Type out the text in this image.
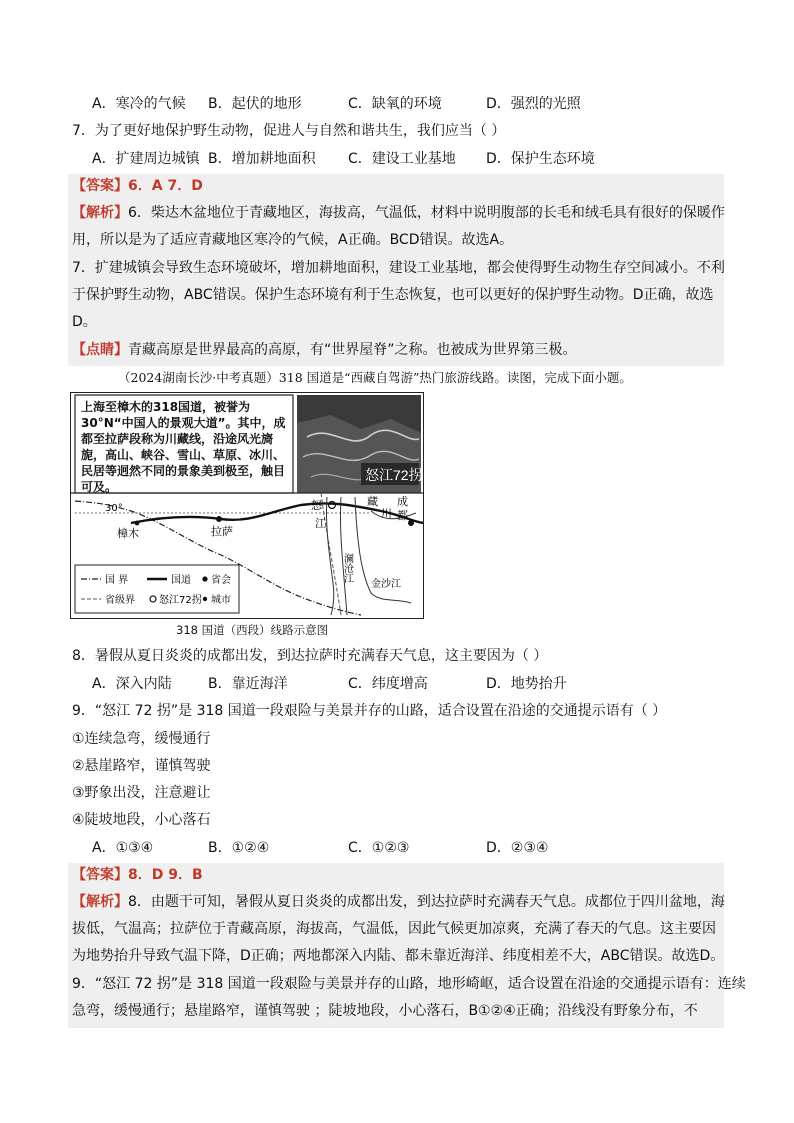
A．寒冷的气候 B．起伏的地形	C．缺氧的环境	D．强烈的光照
7．为了更好地保护野生动物，促进人与自然和谐共生，我们应当（ ）
A．扩建周边城镇 B．增加耕地面积 C．建设工业基地 D．保护生态环境
【答案】6．A 7．D
【解析】6．柴达木盆地位于青藏地区，海拔高，气温低，材料中说明腹部的长毛和绒毛具有很好的保暖作
用，所以是为了适应青藏地区寒冷的气候，A正确。BCD错误。故选A。
7．扩建城镇会导致生态环境破坏，增加耕地面积，建设工业基地，都会使得野生动物生存空间减小。不利
于保护野生动物，ABC错误。保护生态环境有利于生态恢复，也可以更好的保护野生动物。D正确，故选
D。
【点睛】青藏高原是世界最高的高原，有“世界屋脊”之称。也被成为世界第三极。
（2024湖南长沙·中考真题）318 国道是“西藏自驾游”热门旅游线路。读图，完成下面小题。
上海至樟木的318国道，被誉为30°N“中国人的景观大道”。其中，成都至拉萨段称为川藏线，沿途风光旖旎，高山、峡谷、雪山、草原、冰川、民居等迥然不同的景象美到极至，触目可及。
怒江72拐
30°
樟木	拉萨
怒
江
藏
川
成
都
澜沧江
金沙江
国 界	国道 省会
省级界 怒江72拐 城市
318 国道（西段）线路示意图
8．暑假从夏日炎炎的成都出发，到达拉萨时充满春天气息，这主要因为（ ）
A．深入内陆	B．靠近海洋	C．纬度增高	D．地势抬升
9．“怒江 72 拐”是 318 国道一段艰险与美景并存的山路，适合设置在沿途的交通提示语有（ ）
①连续急弯，缓慢通行
②悬崖路窄，谨慎驾驶
③野象出没，注意避让
④陡坡地段，小心落石
A．①③④	B．①②④	C．①②③	D．②③④
【答案】8．D 9．B
【解析】8．由题干可知，暑假从夏日炎炎的成都出发，到达拉萨时充满春天气息。成都位于四川盆地，海
拔低，气温高；拉萨位于青藏高原，海拔高，气温低，因此气候更加凉爽，充满了春天的气息。这主要因
为地势抬升导致气温下降，D正确；两地都深入内陆、都未靠近海洋、纬度相差不大，ABC错误。故选D。
9．“怒江 72 拐”是 318 国道一段艰险与美景并存的山路，地形崎岖，适合设置在沿途的交通提示语有：连续
急弯，缓慢通行；悬崖路窄，谨慎驾驶 ；陡坡地段，小心落石，B①②④正确；沿线没有野象分布，不
